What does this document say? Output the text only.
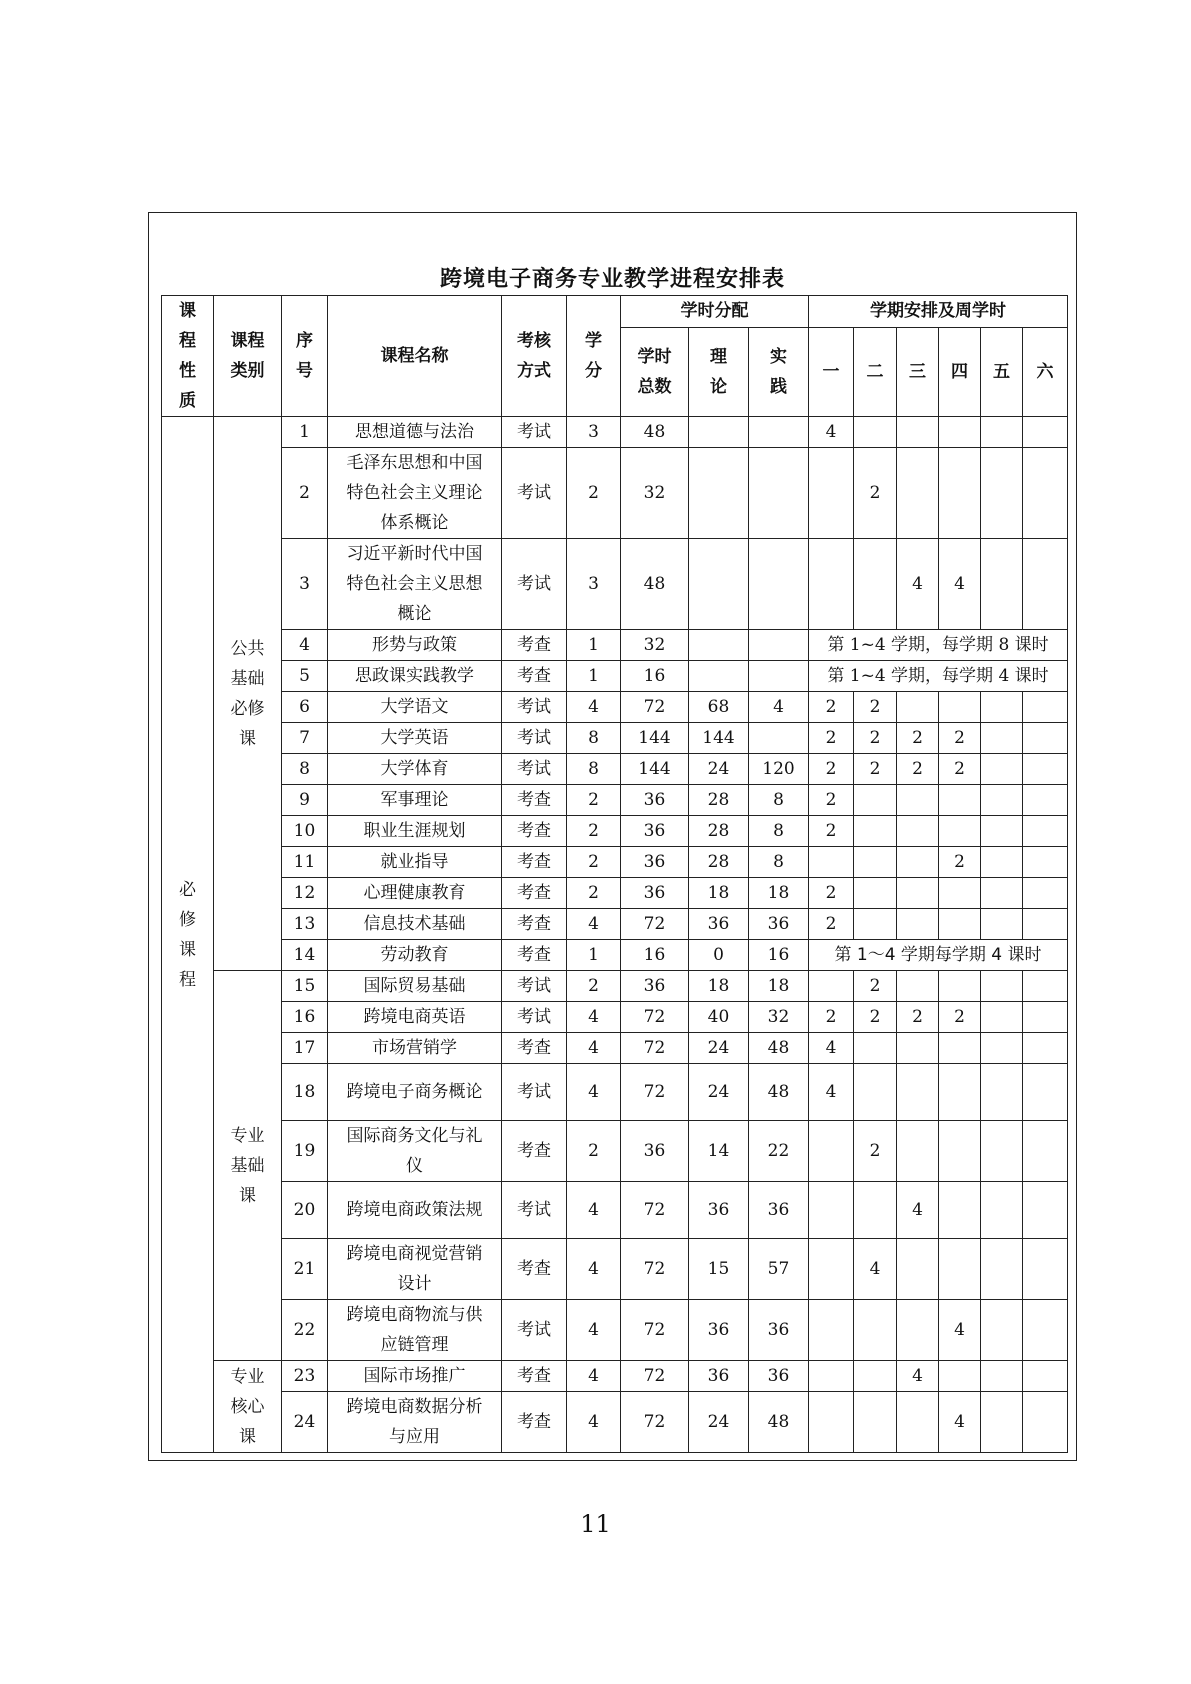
跨境电子商务专业教学进程安排表
课程性质	课程类别	序号	课程名称	考核方式	学分	学时分配			学期安排及周学时					

						学时总数	理论	实践	一	二	三	四	五	六

必修课程	公共基础必修课	1	思想道德与法治	考试	3	48			4					
		2	毛泽东思想和中国特色社会主义理论体系概论	考试	2	32				2				
		3	习近平新时代中国特色社会主义思想概论	考试	3	48					4	4		
		4	形势与政策	考查	1	32			第 1~4 学期，每学期 8 课时					
		5	思政课实践教学	考查	1	16			第 1~4 学期，每学期 4 课时					
		6	大学语文	考试	4	72	68	4	2	2				
		7	大学英语	考试	8	144	144		2	2	2	2		
		8	大学体育	考试	8	144	24	120	2	2	2	2		
		9	军事理论	考查	2	36	28	8	2					
		10	职业生涯规划	考查	2	36	28	8	2					
		11	就业指导	考查	2	36	28	8				2		
		12	心理健康教育	考查	2	36	18	18	2					
		13	信息技术基础	考查	4	72	36	36	2					
		14	劳动教育	考查	1	16	0	16	第 1～4 学期每学期 4 课时					

	专业基础课	15	国际贸易基础	考试	2	36	18	18		2				
		16	跨境电商英语	考试	4	72	40	32	2	2	2	2		
		17	市场营销学	考查	4	72	24	48	4					
		18	跨境电子商务概论	考试	4	72	24	48	4					
		19	国际商务文化与礼仪	考查	2	36	14	22		2				
		20	跨境电商政策法规	考试	4	72	36	36			4			
		21	跨境电商视觉营销设计	考查	4	72	15	57		4				
		22	跨境电商物流与供应链管理	考试	4	72	36	36				4		

	专业核心课	23	国际市场推广	考查	4	72	36	36			4			
		24	跨境电商数据分析与应用	考查	4	72	24	48				4		
11
